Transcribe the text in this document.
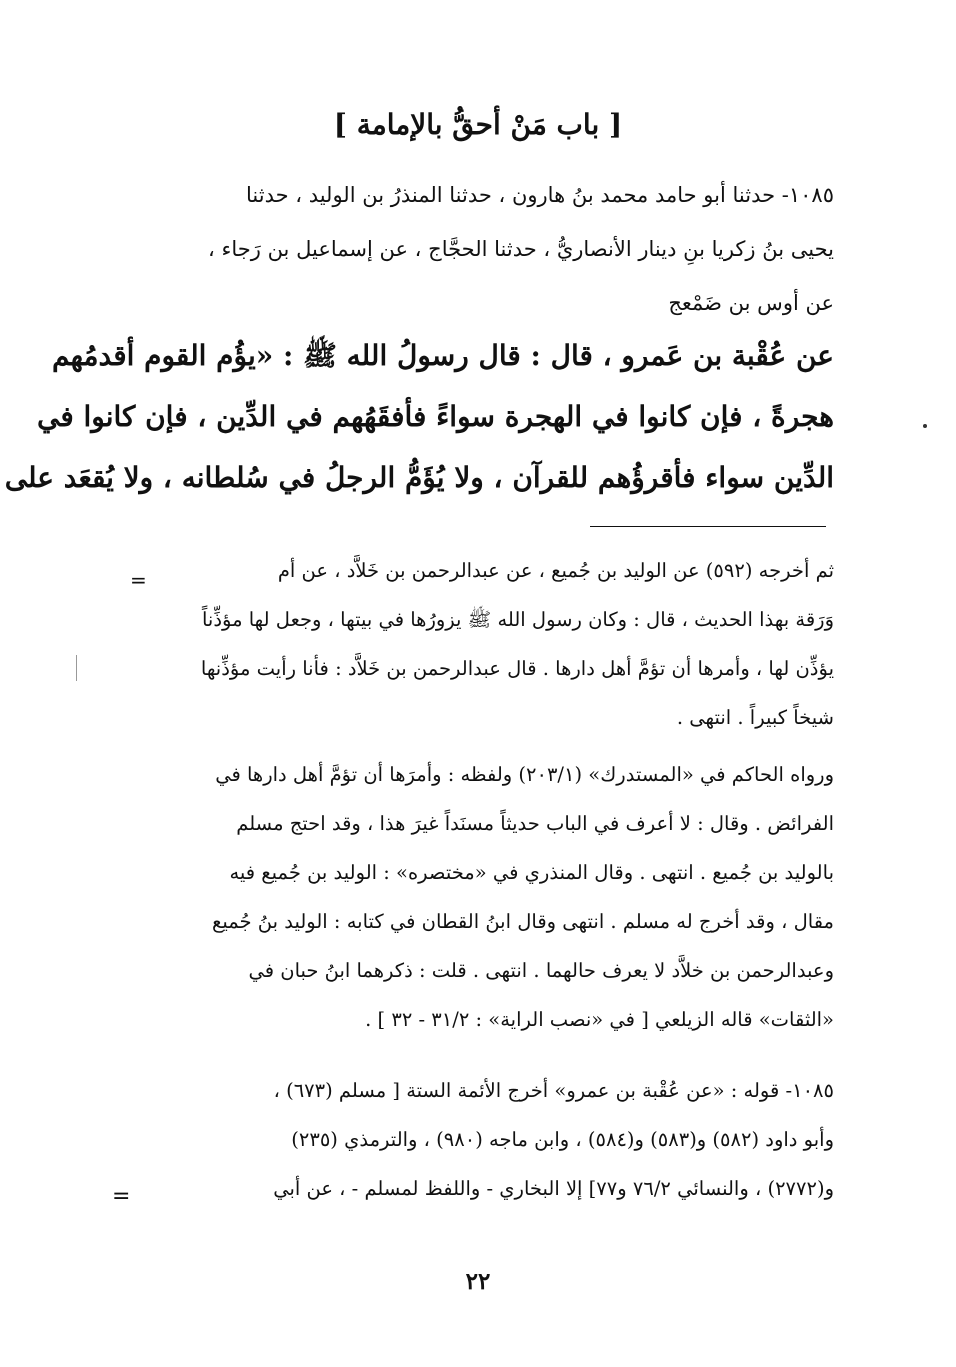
[ باب مَنْ أحقُّ بالإمامة ]
١٠٨٥- حدثنا أبو حامد محمد بنُ هارون ، حدثنا المنذرُ بن الوليد ، حدثنا
يحيى بنُ زكريا بنِ دينار الأنصاريُّ ، حدثنا الحجَّاج ، عن إسماعيل بن رَجاء ،
عن أوس بن ضَمْعج
عن عُقْبة بن عَمرو ، قال : قال رسولُ الله ﷺ : «يؤُم القوم أقدمُهم
هجرةً ، فإن كانوا في الهجرة سواءً فأفقَهُهم في الدِّين ، فإن كانوا في
الدِّين سواء فأقرؤُهم للقرآن ، ولا يُؤَمُّ الرجلُ في سُلطانه ، ولا يُقعَد على
=	ثم أخرجه (٥٩٢) عن الوليد بن جُميع ، عن عبدالرحمن بن خَلاَّد ، عن أم
وَرَقة بهذا الحديث ، قال : وكان رسول الله ﷺ يزورُها في بيتها ، وجعل لها مؤذِّناً
يؤذِّن لها ، وأمرها أن تؤمَّ أهل دارها . قال عبدالرحمن بن خَلاَّد : فأنا رأيت مؤذِّنها
شيخاً كبيراً . انتهى .
ورواه الحاكم في «المستدرك» (٢٠٣/١) ولفظه : وأمرَها أن تؤمَّ أهل دارها في
الفرائض . وقال : لا أعرف في الباب حديثاً مسنَداً غيرَ هذا ، وقد احتج مسلم
بالوليد بن جُميع . انتهى . وقال المنذري في «مختصره» : الوليد بن جُميع فيه
مقال ، وقد أخرج له مسلم . انتهى وقال ابنُ القطان في كتابه : الوليد بنُ جُميع
وعبدالرحمن بن خلاَّد لا يعرف حالهما . انتهى . قلت : ذكرهما ابنُ حبان في
«الثقات» قاله الزيلعي [ في «نصب الراية» : ٣١/٢ - ٣٢ ] .
١٠٨٥- قوله : «عن عُقْبة بن عمرو» أخرج الأئمة الستة [ مسلم (٦٧٣) ،
وأبو داود (٥٨٢) و(٥٨٣) و(٥٨٤) ، وابن ماجه (٩٨٠) ، والترمذي (٢٣٥)
و(٢٧٧٢) ، والنسائي ٧٦/٢ و٧٧] إلا البخاري - واللفظ لمسلم - ، عن أبي
=
٢٢
